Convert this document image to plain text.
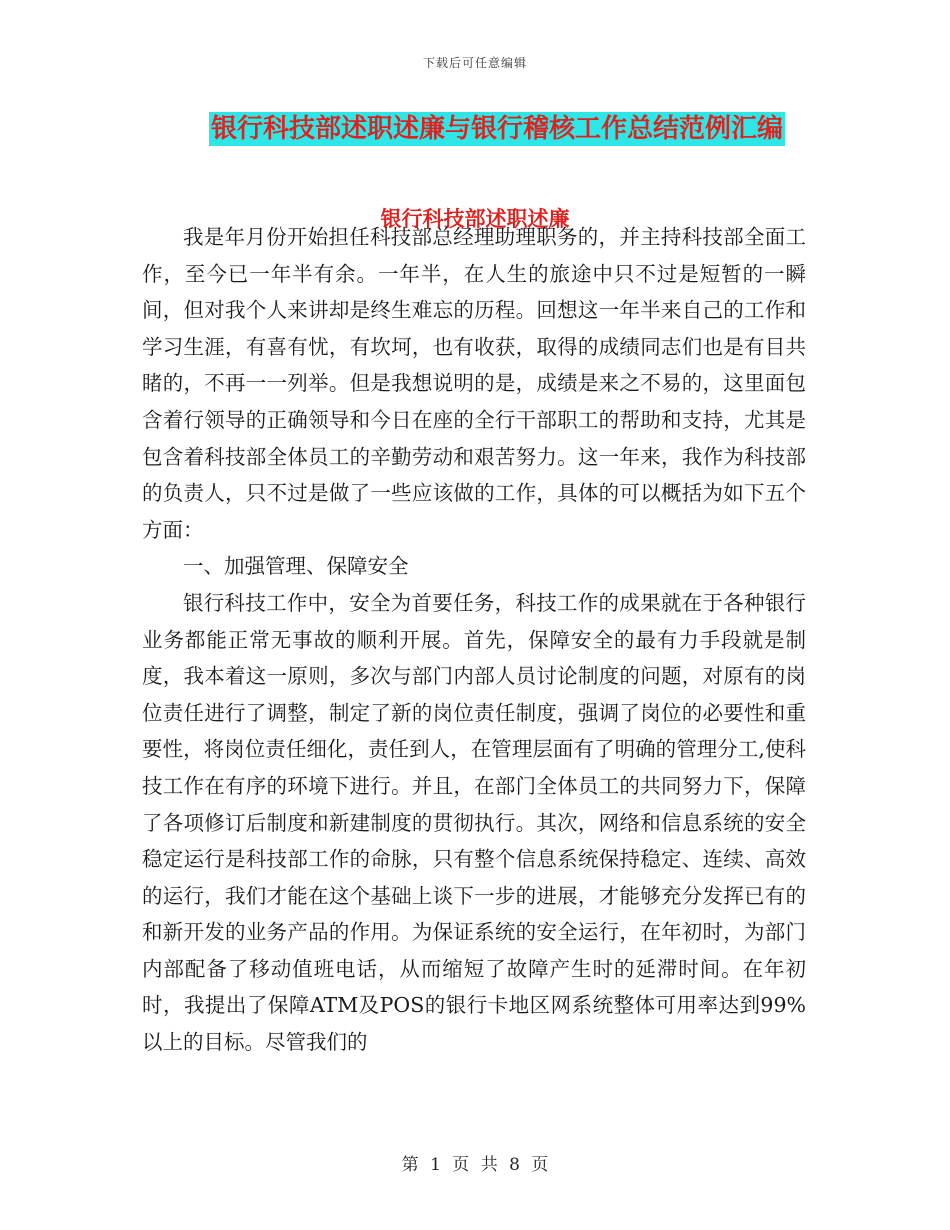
下载后可任意编辑
银行科技部述职述廉与银行稽核工作总结范例汇编
银行科技部述职述廉

我是年月份开始担任科技部总经理助理职务的，并主持科技部全面工作，至今已一年半有余。一年半，在人生的旅途中只不过是短暂的一瞬间，但对我个人来讲却是终生难忘的历程。回想这一年半来自己的工作和学习生涯，有喜有忧，有坎坷，也有收获，取得的成绩同志们也是有目共睹的，不再一一列举。但是我想说明的是，成绩是来之不易的，这里面包含着行领导的正确领导和今日在座的全行干部职工的帮助和支持，尤其是包含着科技部全体员工的辛勤劳动和艰苦努力。这一年来，我作为科技部的负责人，只不过是做了一些应该做的工作，具体的可以概括为如下五个方面：

一、加强管理、保障安全

银行科技工作中，安全为首要任务，科技工作的成果就在于各种银行业务都能正常无事故的顺利开展。首先，保障安全的最有力手段就是制度，我本着这一原则，多次与部门内部人员讨论制度的问题，对原有的岗位责任进行了调整，制定了新的岗位责任制度，强调了岗位的必要性和重要性，将岗位责任细化，责任到人，在管理层面有了明确的管理分工,使科技工作在有序的环境下进行。并且，在部门全体员工的共同努力下，保障了各项修订后制度和新建制度的贯彻执行。其次，网络和信息系统的安全稳定运行是科技部工作的命脉，只有整个信息系统保持稳定、连续、高效的运行，我们才能在这个基础上谈下一步的进展，才能够充分发挥已有的和新开发的业务产品的作用。为保证系统的安全运行，在年初时，为部门内部配备了移动值班电话，从而缩短了故障产生时的延滞时间。在年初时，我提出了保障ATM及POS的银行卡地区网系统整体可用率达到99%以上的目标。尽管我们的

第 1 页 共 8 页
